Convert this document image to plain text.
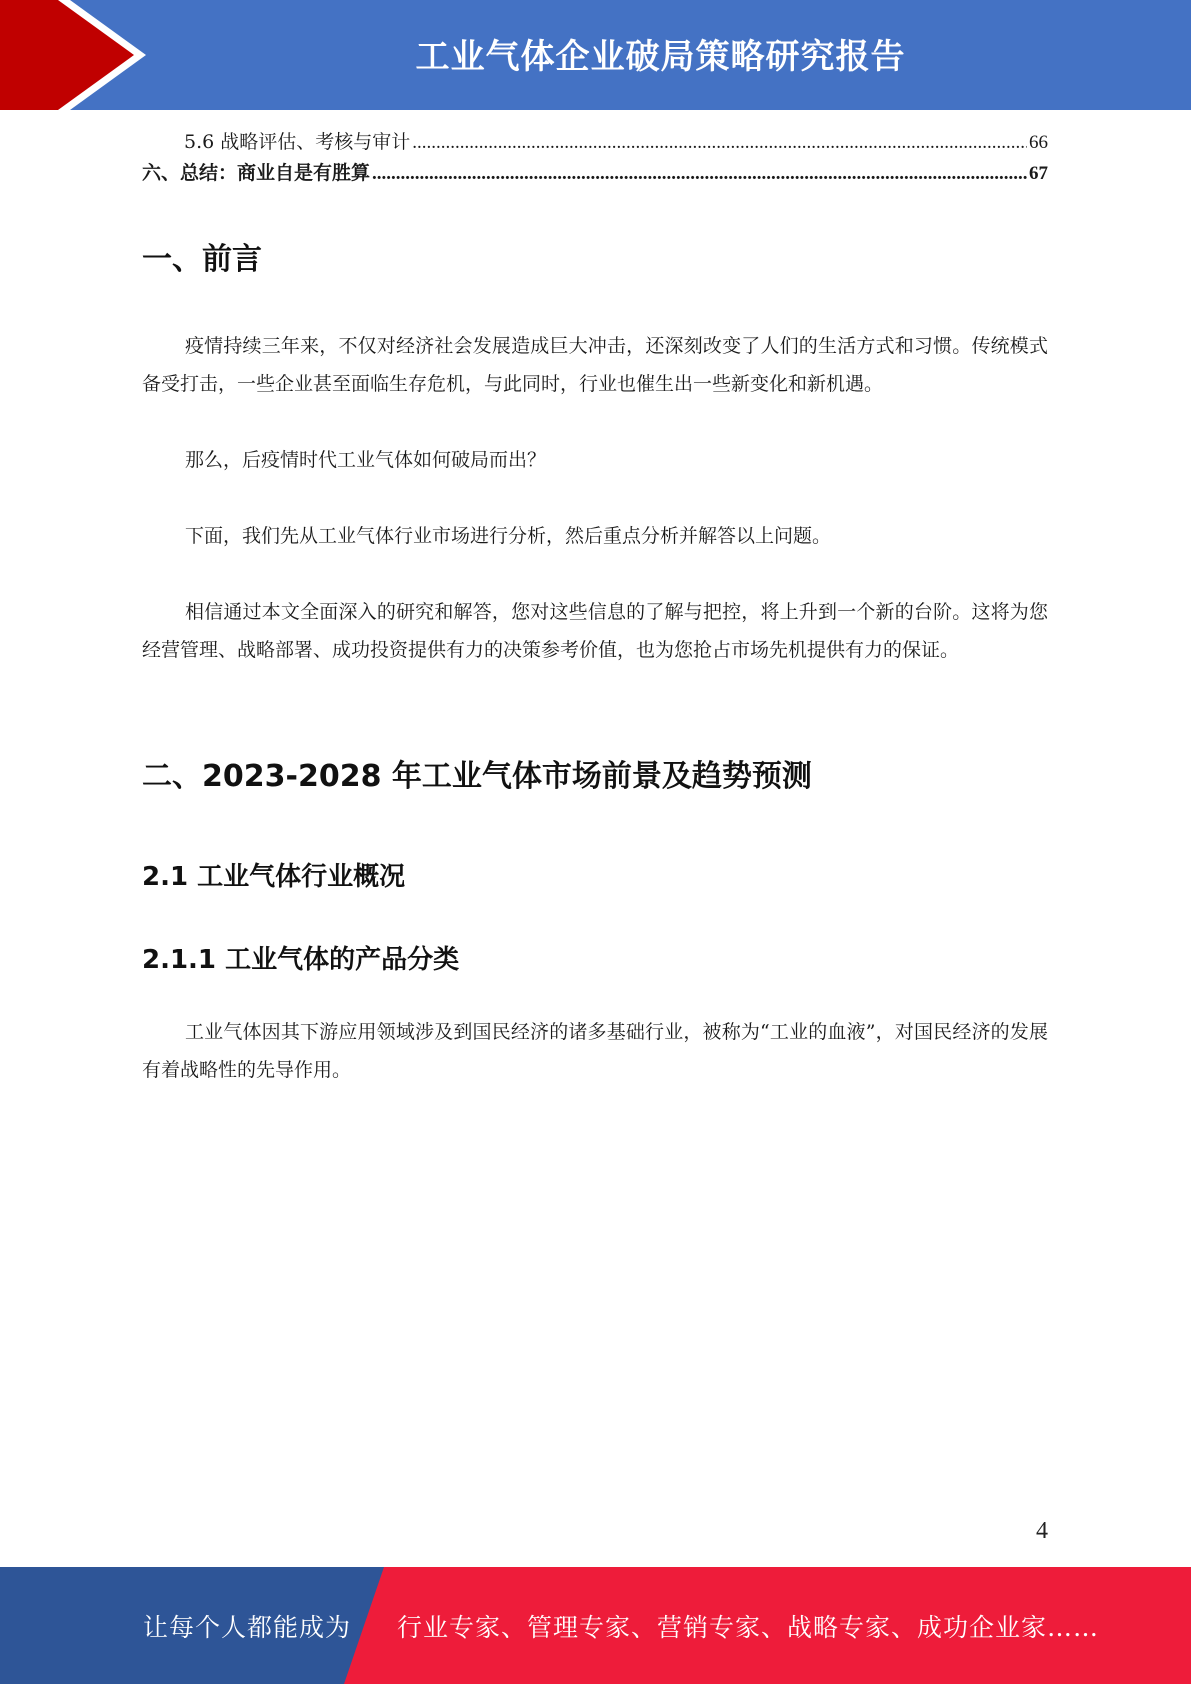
工业气体企业破局策略研究报告
5.6 战略评估、考核与审计 .....	66
六、总结：商业自是有胜算 .....	67
一、前言

疫情持续三年来，不仅对经济社会发展造成巨大冲击，还深刻改变了人们的生活方式和习惯。传统模式备受打击，一些企业甚至面临生存危机，与此同时，行业也催生出一些新变化和新机遇。

那么，后疫情时代工业气体如何破局而出？

下面，我们先从工业气体行业市场进行分析，然后重点分析并解答以上问题。

相信通过本文全面深入的研究和解答，您对这些信息的了解与把控，将上升到一个新的台阶。这将为您经营管理、战略部署、成功投资提供有力的决策参考价值，也为您抢占市场先机提供有力的保证。

二、2023-2028 年工业气体市场前景及趋势预测
2.1 工业气体行业概况
2.1.1 工业气体的产品分类

工业气体因其下游应用领域涉及到国民经济的诸多基础行业，被称为“工业的血液”，对国民经济的发展有着战略性的先导作用。

4
让每个人都能成为 行业专家、管理专家、营销专家、战略专家、成功企业家……
